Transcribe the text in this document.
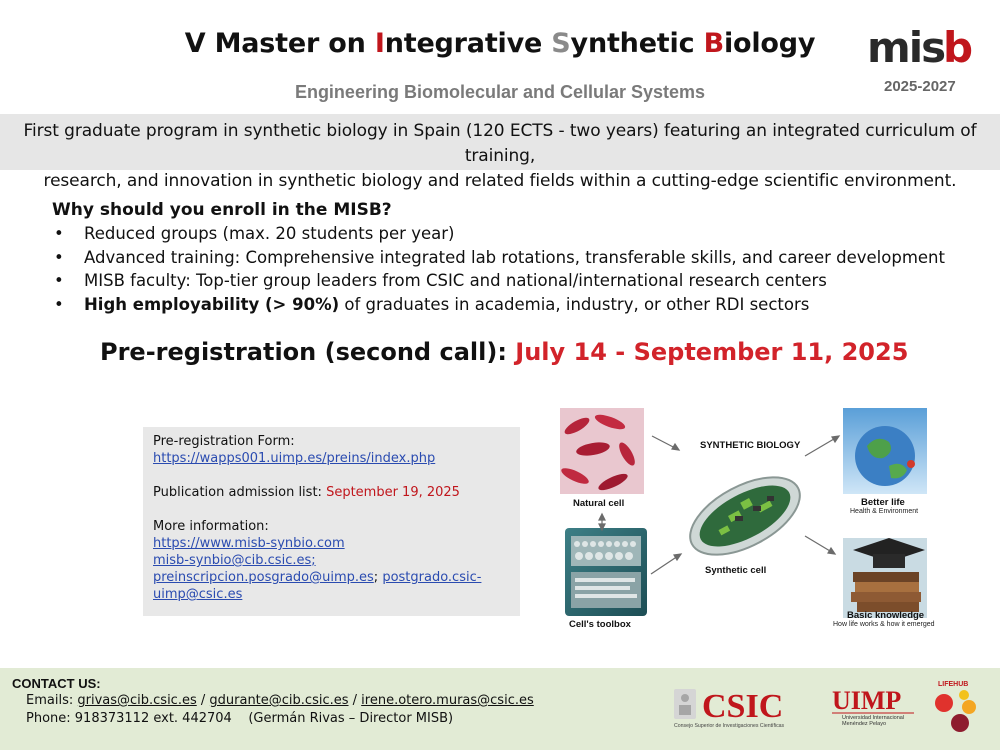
V Master on Integrative Synthetic Biology
Engineering Biomolecular and Cellular Systems
mis
b
2025-2027
First graduate program in synthetic biology in Spain (120 ECTS - two years) featuring an integrated curriculum of training,
research, and innovation in synthetic biology and related fields within a cutting-edge scientific environment.
Why should you enroll in the MISB?
• Reduced groups (max. 20 students per year)
• Advanced training: Comprehensive integrated lab rotations, transferable skills, and career development
• MISB faculty: Top-tier group leaders from CSIC and national/international research centers
• High employability (> 90%) of graduates in academia, industry, or other RDI sectors
Pre-registration (second call): July 14 - September 11, 2025
Pre-registration Form:
https://wapps001.uimp.es/preins/index.php
Publication admission list: September 19, 2025
More information:
https://www.misb-synbio.com
misb-synbio@cib.csic.es;
preinscripcion.posgrado@uimp.es; postgrado.csic-
uimp@csic.es
SYNTHETIC BIOLOGY
Natural cell
Synthetic cell
Cell's toolbox
Better life
Health & Environment
Basic knowledge
How life works & how it emerged
CONTACT US:
Emails: grivas@cib.csic.es / gdurante@cib.csic.es / irene.otero.muras@csic.es
Phone: 918373112 ext. 442704    (Germán Rivas – Director MISB)	CSIC
Consejo Superior de Investigaciones Científicas
UIMP
Universidad Internacional
Menéndez Pelayo
LIFEHUB
